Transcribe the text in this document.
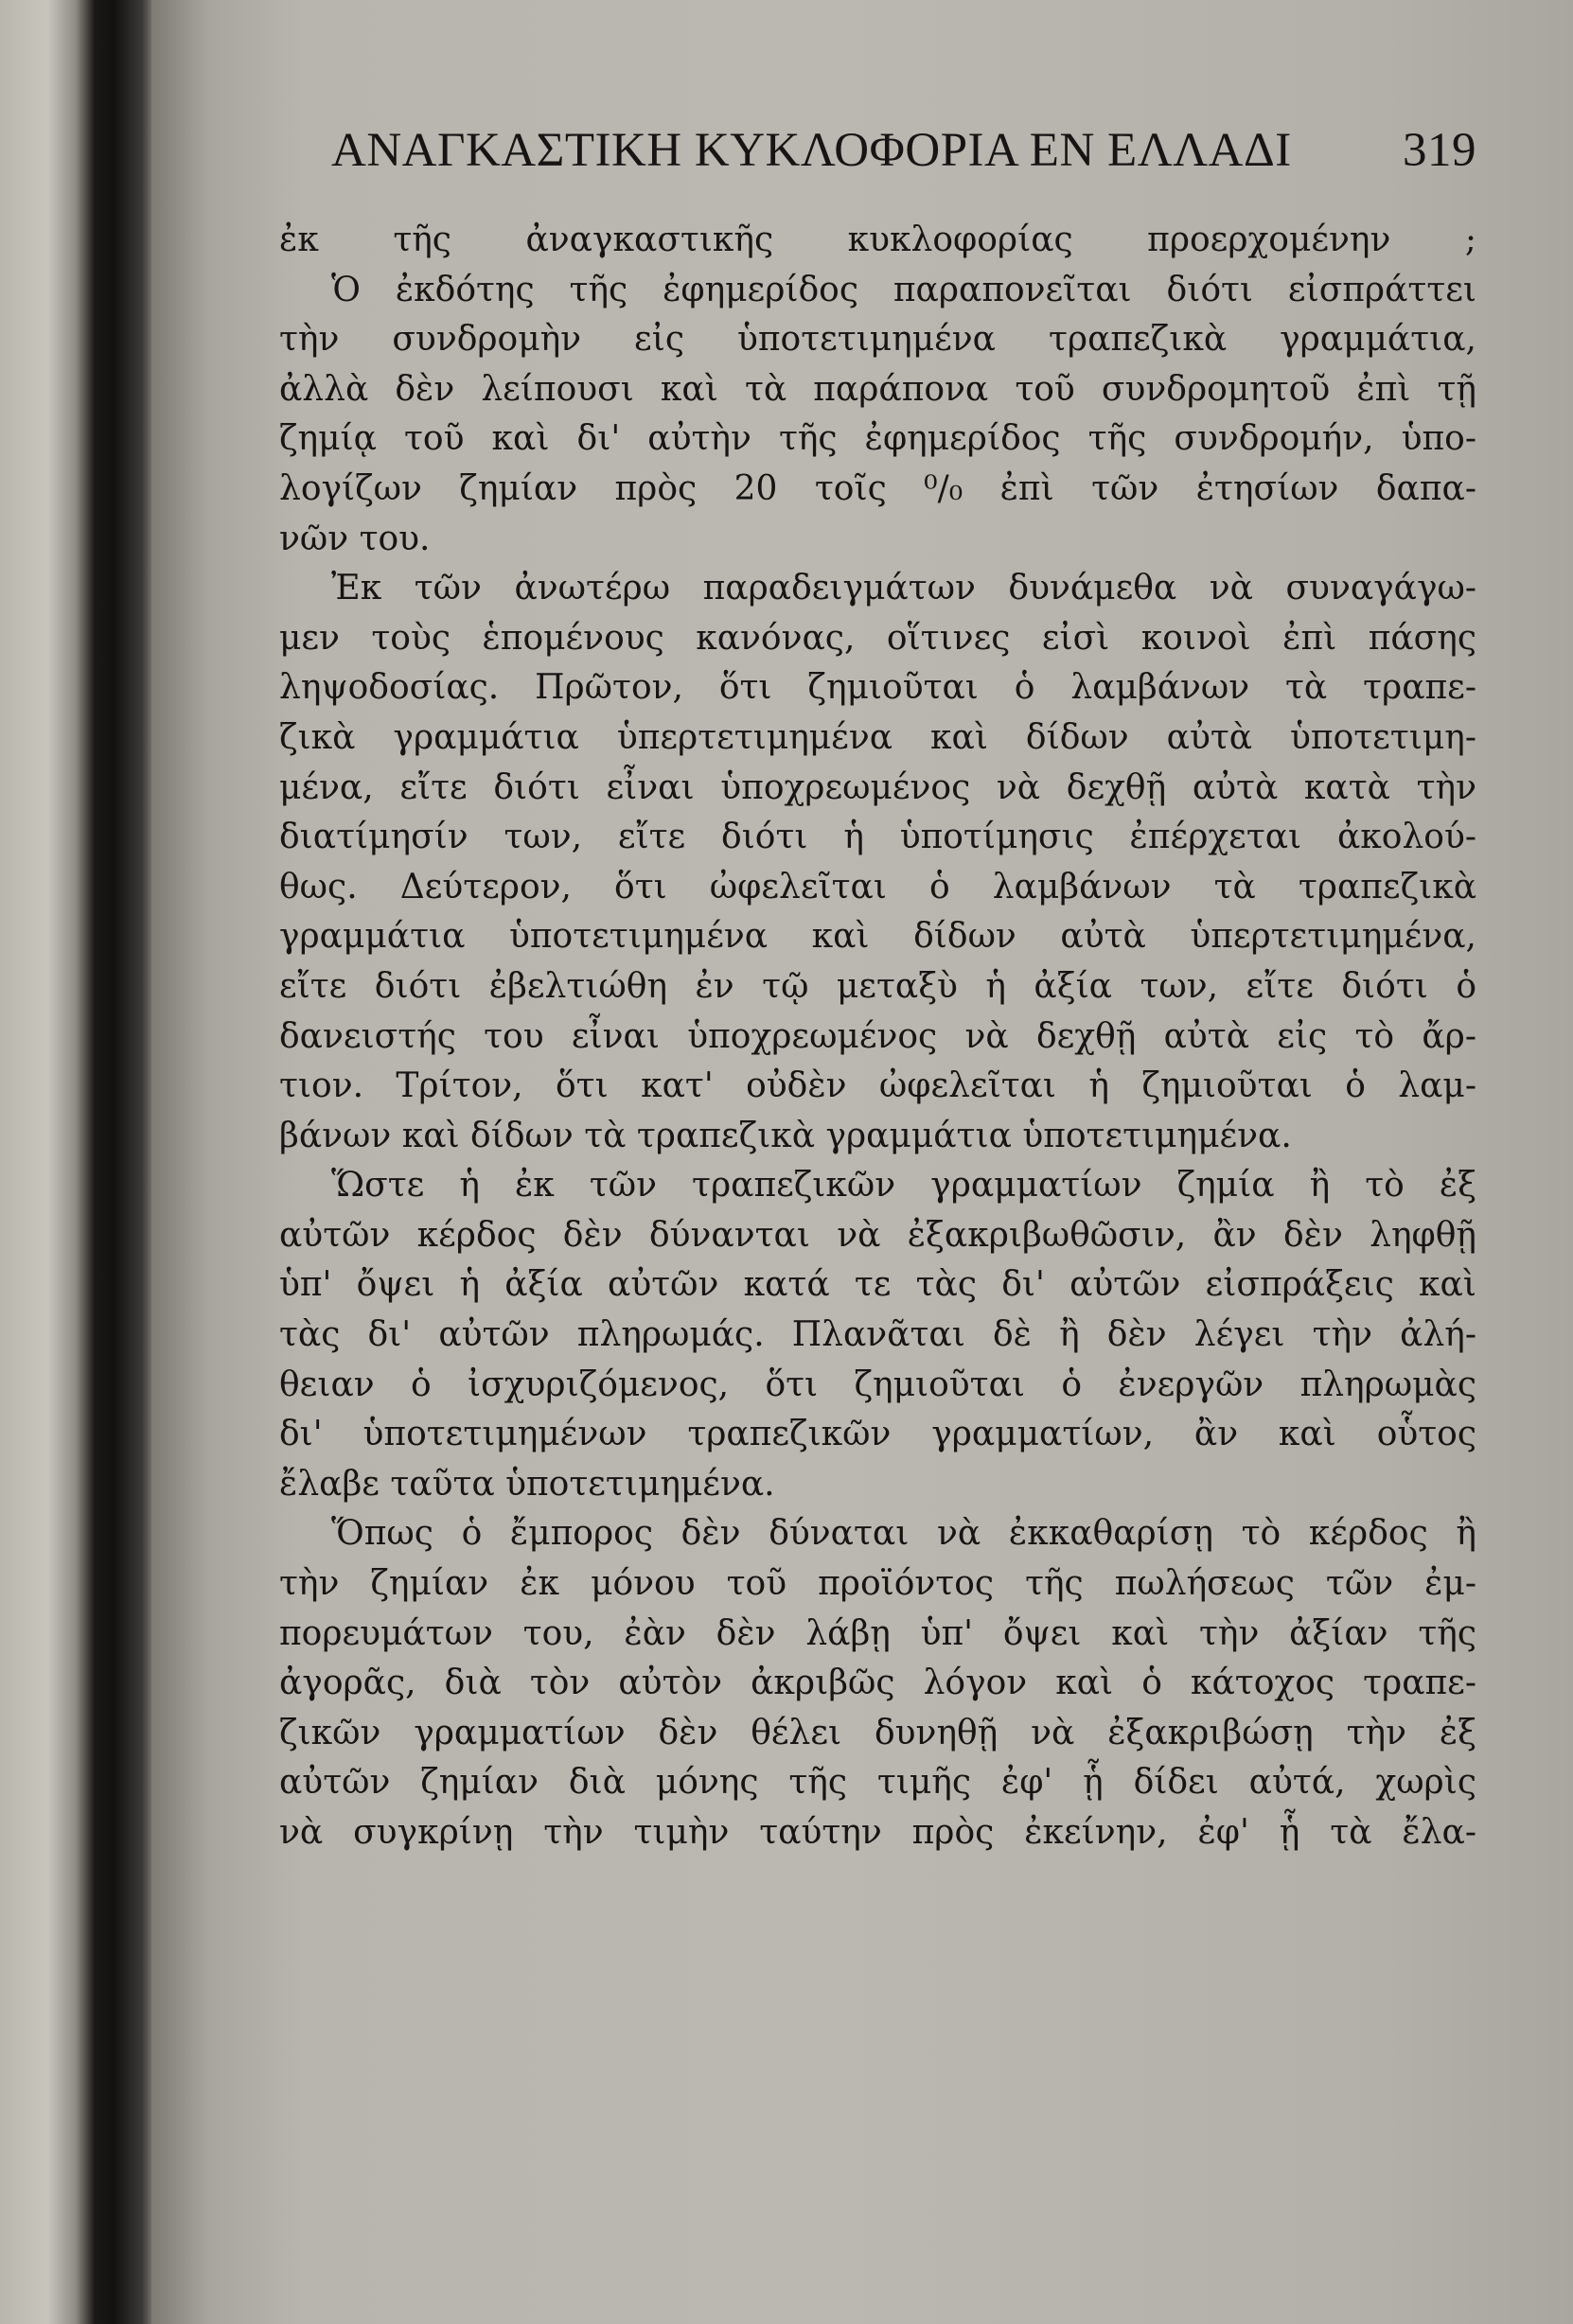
ΑΝΑΓΚΑΣΤΙΚΗ ΚΥΚΛΟΦΟΡΙΑ ΕΝ ΕΛΛΑΔΙ 319
ἐκ τῆς ἀναγκαστικῆς κυκλοφορίας προερχομένην ;
Ὁ ἐκδότης τῆς ἐφημερίδος παραπονεῖται διότι εἰσπράττει
τὴν συνδρομὴν εἰς ὑποτετιμημένα τραπεζικὰ γραμμάτια,
ἀλλὰ δὲν λείπουσι καὶ τὰ παράπονα τοῦ συνδρομητοῦ ἐπὶ τῇ
ζημίᾳ τοῦ καὶ δι' αὐτὴν τῆς ἐφημερίδος τῆς συνδρομήν, ὑπο-
λογίζων ζημίαν πρὸς 20 τοῖς ⁰/₀ ἐπὶ τῶν ἐτησίων δαπα-
νῶν του.
Ἐκ τῶν ἀνωτέρω παραδειγμάτων δυνάμεθα νὰ συναγάγω-
μεν τοὺς ἑπομένους κανόνας, οἵτινες εἰσὶ κοινοὶ ἐπὶ πάσης
ληψοδοσίας. Πρῶτον, ὅτι ζημιοῦται ὁ λαμβάνων τὰ τραπε-
ζικὰ γραμμάτια ὑπερτετιμημένα καὶ δίδων αὐτὰ ὑποτετιμη-
μένα, εἴτε διότι εἶναι ὑποχρεωμένος νὰ δεχθῇ αὐτὰ κατὰ τὴν
διατίμησίν των, εἴτε διότι ἡ ὑποτίμησις ἐπέρχεται ἀκολού-
θως. Δεύτερον, ὅτι ὠφελεῖται ὁ λαμβάνων τὰ τραπεζικὰ
γραμμάτια ὑποτετιμημένα καὶ δίδων αὐτὰ ὑπερτετιμημένα,
εἴτε διότι ἐβελτιώθη ἐν τῷ μεταξὺ ἡ ἀξία των, εἴτε διότι ὁ
δανειστής του εἶναι ὑποχρεωμένος νὰ δεχθῇ αὐτὰ εἰς τὸ ἄρ-
τιον. Τρίτον, ὅτι κατ' οὐδὲν ὠφελεῖται ἡ ζημιοῦται ὁ λαμ-
βάνων καὶ δίδων τὰ τραπεζικὰ γραμμάτια ὑποτετιμημένα.
Ὥστε ἡ ἐκ τῶν τραπεζικῶν γραμματίων ζημία ἢ τὸ ἐξ
αὐτῶν κέρδος δὲν δύνανται νὰ ἐξακριβωθῶσιν, ἂν δὲν ληφθῇ
ὑπ' ὄψει ἡ ἀξία αὐτῶν κατά τε τὰς δι' αὐτῶν εἰσπράξεις καὶ
τὰς δι' αὐτῶν πληρωμάς. Πλανᾶται δὲ ἢ δὲν λέγει τὴν ἀλή-
θειαν ὁ ἰσχυριζόμενος, ὅτι ζημιοῦται ὁ ἐνεργῶν πληρωμὰς
δι' ὑποτετιμημένων τραπεζικῶν γραμματίων, ἂν καὶ οὗτος
ἔλαβε ταῦτα ὑποτετιμημένα.
Ὅπως ὁ ἔμπορος δὲν δύναται νὰ ἐκκαθαρίσῃ τὸ κέρδος ἢ
τὴν ζημίαν ἐκ μόνου τοῦ προϊόντος τῆς πωλήσεως τῶν ἐμ-
πορευμάτων του, ἐὰν δὲν λάβῃ ὑπ' ὄψει καὶ τὴν ἀξίαν τῆς
ἀγορᾶς, διὰ τὸν αὐτὸν ἀκριβῶς λόγον καὶ ὁ κάτοχος τραπε-
ζικῶν γραμματίων δὲν θέλει δυνηθῇ νὰ ἐξακριβώσῃ τὴν ἐξ
αὐτῶν ζημίαν διὰ μόνης τῆς τιμῆς ἐφ' ᾗ δίδει αὐτά, χωρὶς
νὰ συγκρίνῃ τὴν τιμὴν ταύτην πρὸς ἐκείνην, ἐφ' ᾗ τὰ ἔλα-
